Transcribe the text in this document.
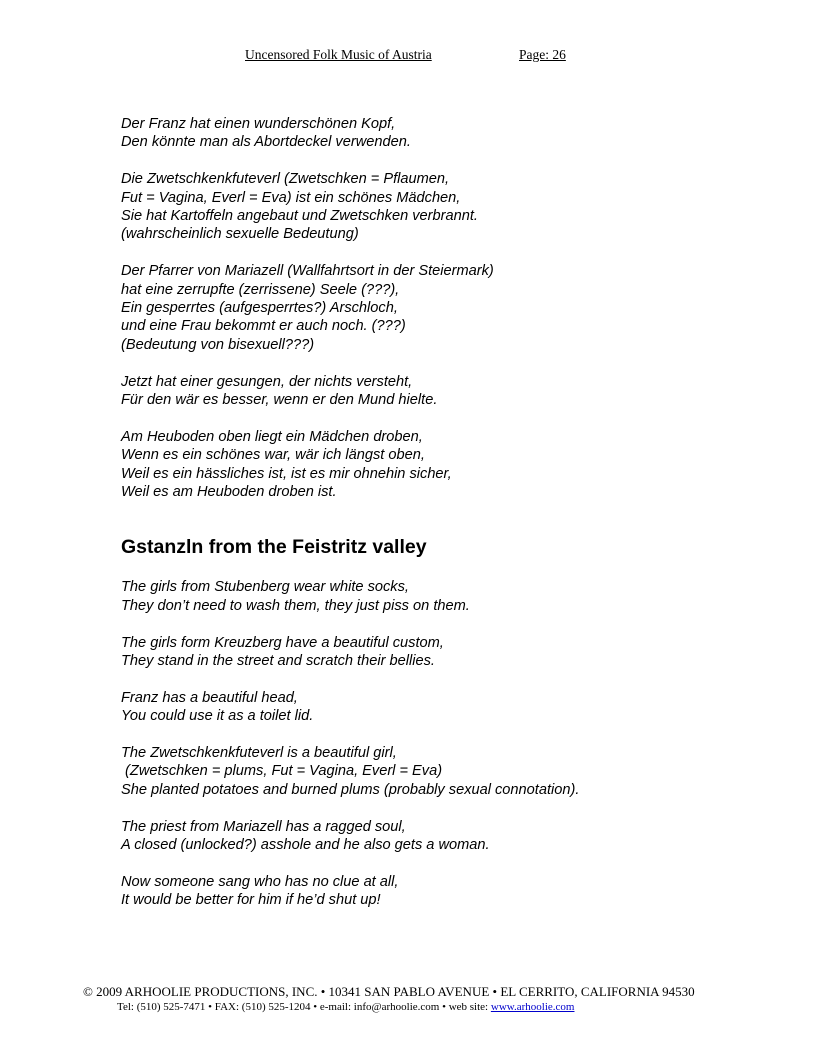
Uncensored Folk Music of Austria	Page: 26
Der Franz hat einen wunderschönen Kopf,
Den könnte man als Abortdeckel verwenden.
Die Zwetschkenkfuteverl (Zwetschken = Pflaumen,
Fut = Vagina, Everl = Eva) ist ein schönes Mädchen,
Sie hat Kartoffeln angebaut und Zwetschken verbrannt.
(wahrscheinlich sexuelle Bedeutung)
Der Pfarrer von Mariazell (Wallfahrtsort in der Steiermark)
hat eine zerrupfte (zerrissene) Seele (???),
Ein gesperrtes (aufgesperrtes?) Arschloch,
und eine Frau bekommt er auch noch. (???)
(Bedeutung von bisexuell???)
Jetzt hat einer gesungen, der nichts versteht,
Für den wär es besser, wenn er den Mund hielte.
Am Heuboden oben liegt ein Mädchen droben,
Wenn es ein schönes war, wär ich längst oben,
Weil es ein hässliches ist, ist es mir ohnehin sicher,
Weil es am Heuboden droben ist.
Gstanzln from the Feistritz valley
The girls from Stubenberg wear white socks,
They don’t need to wash them, they just piss on them.
The girls form Kreuzberg have a beautiful custom,
They stand in the street and scratch their bellies.
Franz has a beautiful head,
You could use it as a toilet lid.
The Zwetschkenkfuteverl is a beautiful girl,
(Zwetschken = plums, Fut = Vagina, Everl = Eva)
She planted potatoes and burned plums (probably sexual connotation).
The priest from Mariazell has a ragged soul,
A closed (unlocked?) asshole and he also gets a woman.
Now someone sang who has no clue at all,
It would be better for him if he’d shut up!
© 2009 ARHOOLIE PRODUCTIONS, INC. • 10341 SAN PABLO AVENUE • EL CERRITO, CALIFORNIA 94530
Tel: (510) 525-7471 • FAX: (510) 525-1204 • e-mail: info@arhoolie.com • web site: www.arhoolie.com
